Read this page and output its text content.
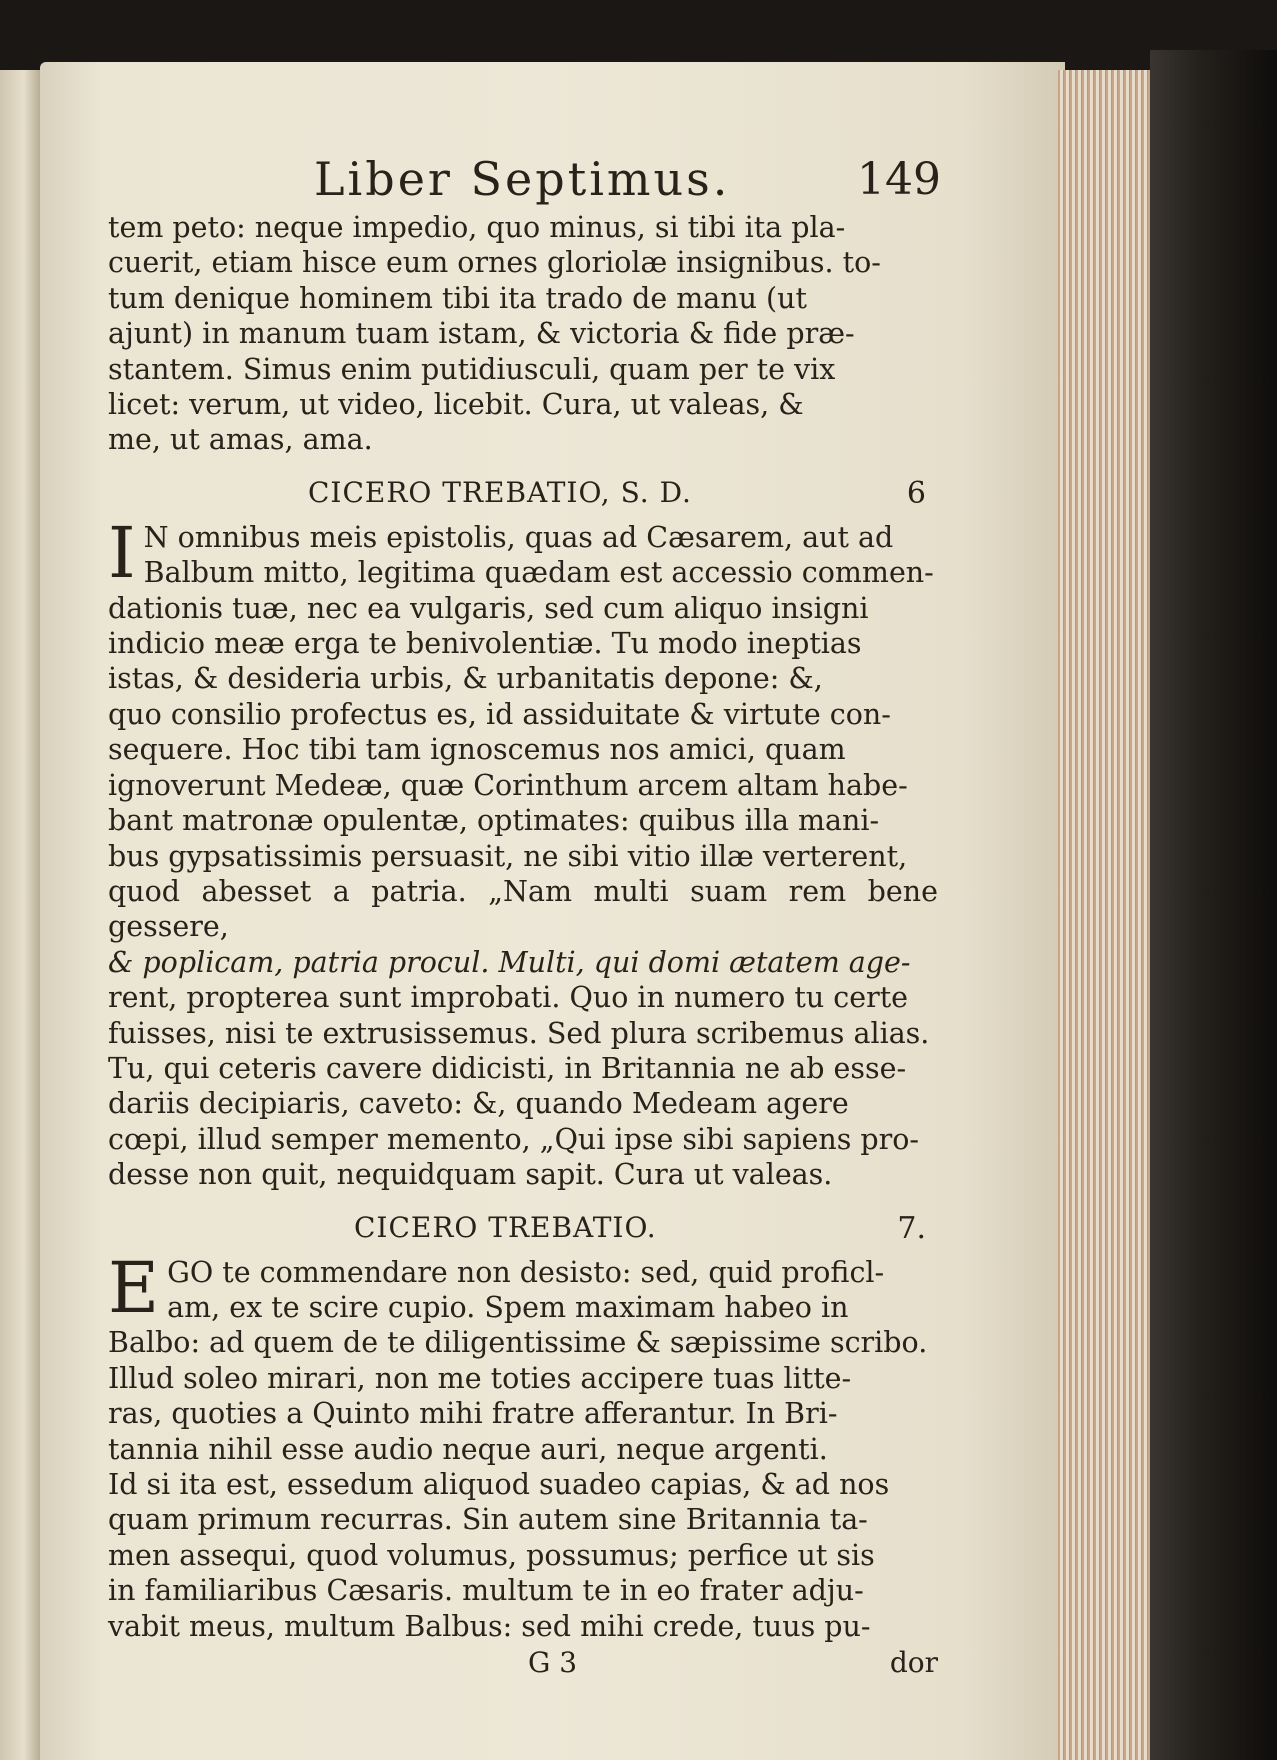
Liber Septimus.	149

tem peto: neque impedio, quo minus, si tibi ita pla-

cuerit, etiam hisce eum ornes gloriolæ insignibus. to-

tum denique hominem tibi ita trado de manu (ut

ajunt) in manum tuam istam, & victoria & fide præ-

stantem. Simus enim putidiusculi, quam per te vix

licet: verum, ut video, licebit. Cura, ut valeas, &

me, ut amas, ama.

CICERO TREBATIO, S. D.	6
I N omnibus meis epistolis, quas ad Cæsarem, aut ad

Balbum mitto, legitima quædam est accessio commen-

dationis tuæ, nec ea vulgaris, sed cum aliquo insigni

indicio meæ erga te benivolentiæ. Tu modo ineptias

istas, & desideria urbis, & urbanitatis depone: &,

quo consilio profectus es, id assiduitate & virtute con-

sequere. Hoc tibi tam ignoscemus nos amici, quam

ignoverunt Medeæ, quæ Corinthum arcem altam habe-

bant matronæ opulentæ, optimates: quibus illa mani-

bus gypsatissimis persuasit, ne sibi vitio illæ verterent,

quod abesset a patria. „Nam multi suam rem bene gessere,

& poplicam, patria procul. Multi, qui domi ætatem age-

rent, propterea sunt improbati. Quo in numero tu certe

fuisses, nisi te extrusissemus. Sed plura scribemus alias.

Tu, qui ceteris cavere didicisti, in Britannia ne ab esse-

dariis decipiaris, caveto: &, quando Medeam agere

cœpi, illud semper memento, „Qui ipse sibi sapiens pro-

desse non quit, nequidquam sapit. Cura ut valeas.

CICERO TREBATIO.	7.
E GO te commendare non desisto: sed, quid proficl-

am, ex te scire cupio. Spem maximam habeo in

Balbo: ad quem de te diligentissime & sæpissime scribo.

Illud soleo mirari, non me toties accipere tuas litte-

ras, quoties a Quinto mihi fratre afferantur. In Bri-

tannia nihil esse audio neque auri, neque argenti.

Id si ita est, essedum aliquod suadeo capias, & ad nos

quam primum recurras. Sin autem sine Britannia ta-

men assequi, quod volumus, possumus; perfice ut sis

in familiaribus Cæsaris. multum te in eo frater adju-

vabit meus, multum Balbus: sed mihi crede, tuus pu-

G 3	dor
